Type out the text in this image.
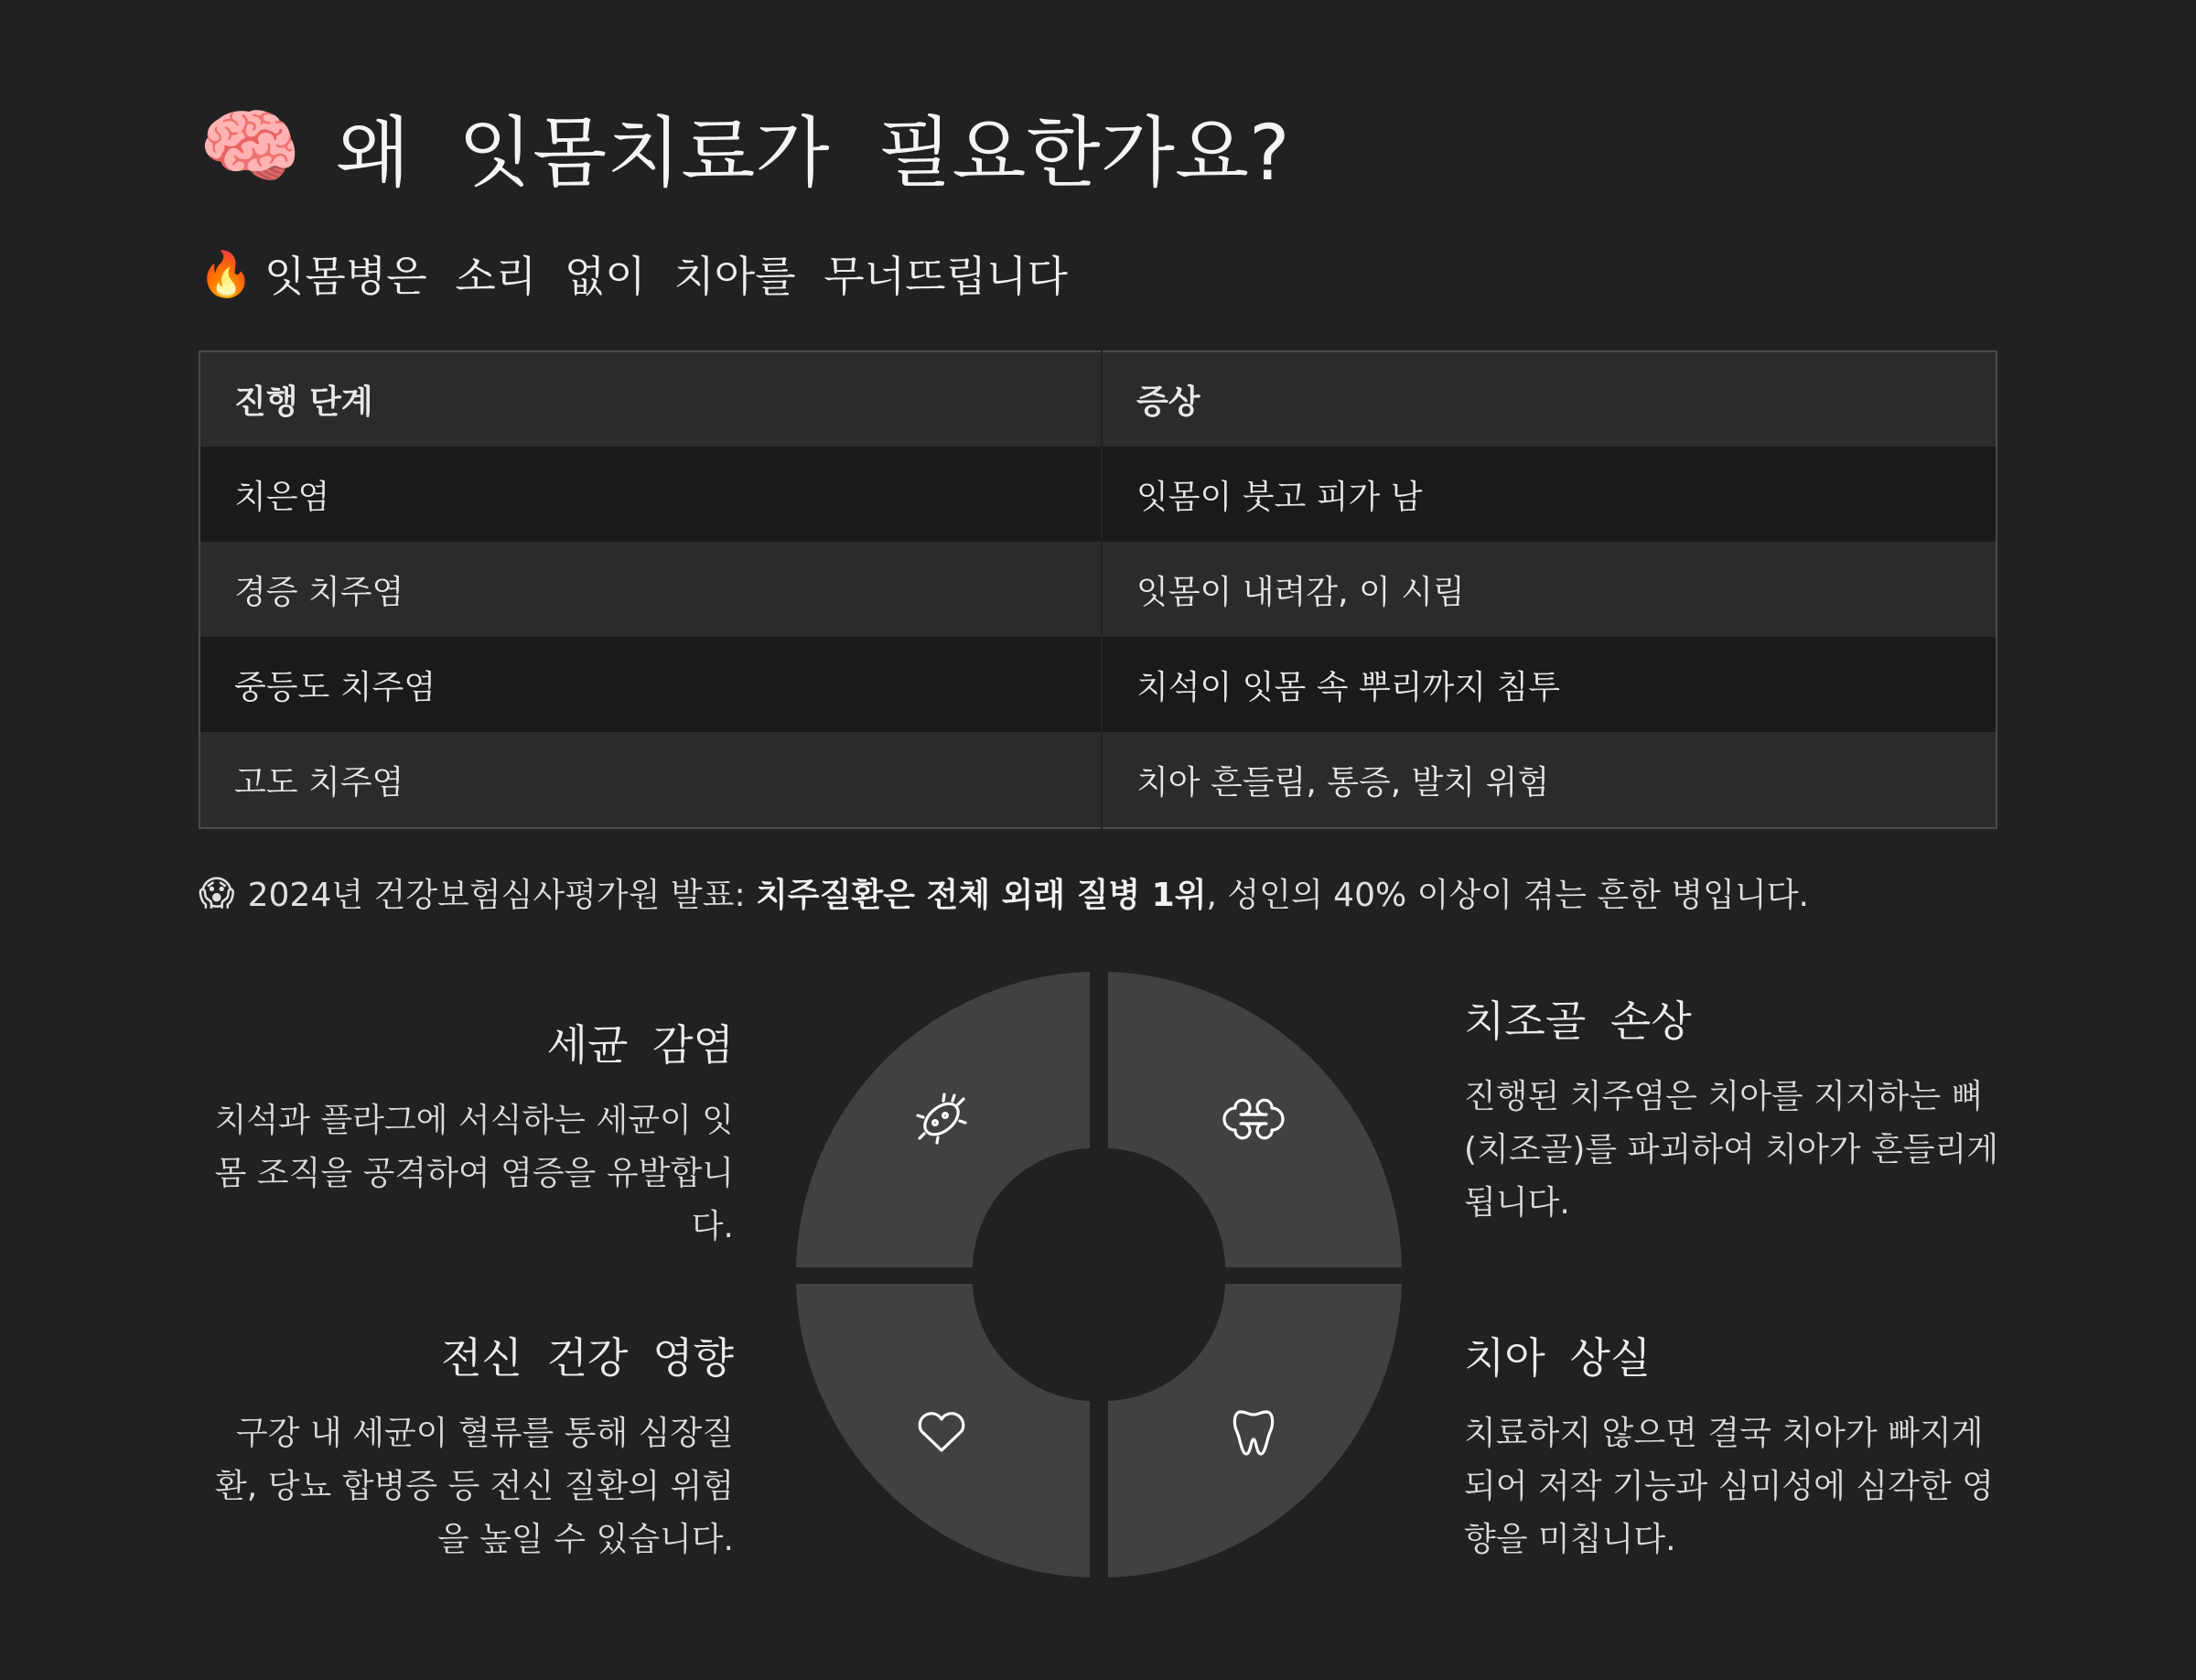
🧠 왜 잇몸치료가 필요한가요?
🔥 잇몸병은 소리 없이 치아를 무너뜨립니다
진행 단계	증상
치은염	잇몸이 붓고 피가 남
경증 치주염	잇몸이 내려감, 이 시림
중등도 치주염	치석이 잇몸 속 뿌리까지 침투
고도 치주염	치아 흔들림, 통증, 발치 위험
😱 2024년 건강보험심사평가원 발표: 치주질환은 전체 외래 질병 1위, 성인의 40% 이상이 겪는 흔한 병입니다.
세균 감염
치석과 플라그에 서식하는 세균이 잇몸 조직을 공격하여 염증을 유발합니다.
전신 건강 영향
구강 내 세균이 혈류를 통해 심장질환, 당뇨 합병증 등 전신 질환의 위험을 높일 수 있습니다.
치조골 손상
진행된 치주염은 치아를 지지하는 뼈(치조골)를 파괴하여 치아가 흔들리게 됩니다.
치아 상실
치료하지 않으면 결국 치아가 빠지게 되어 저작 기능과 심미성에 심각한 영향을 미칩니다.
